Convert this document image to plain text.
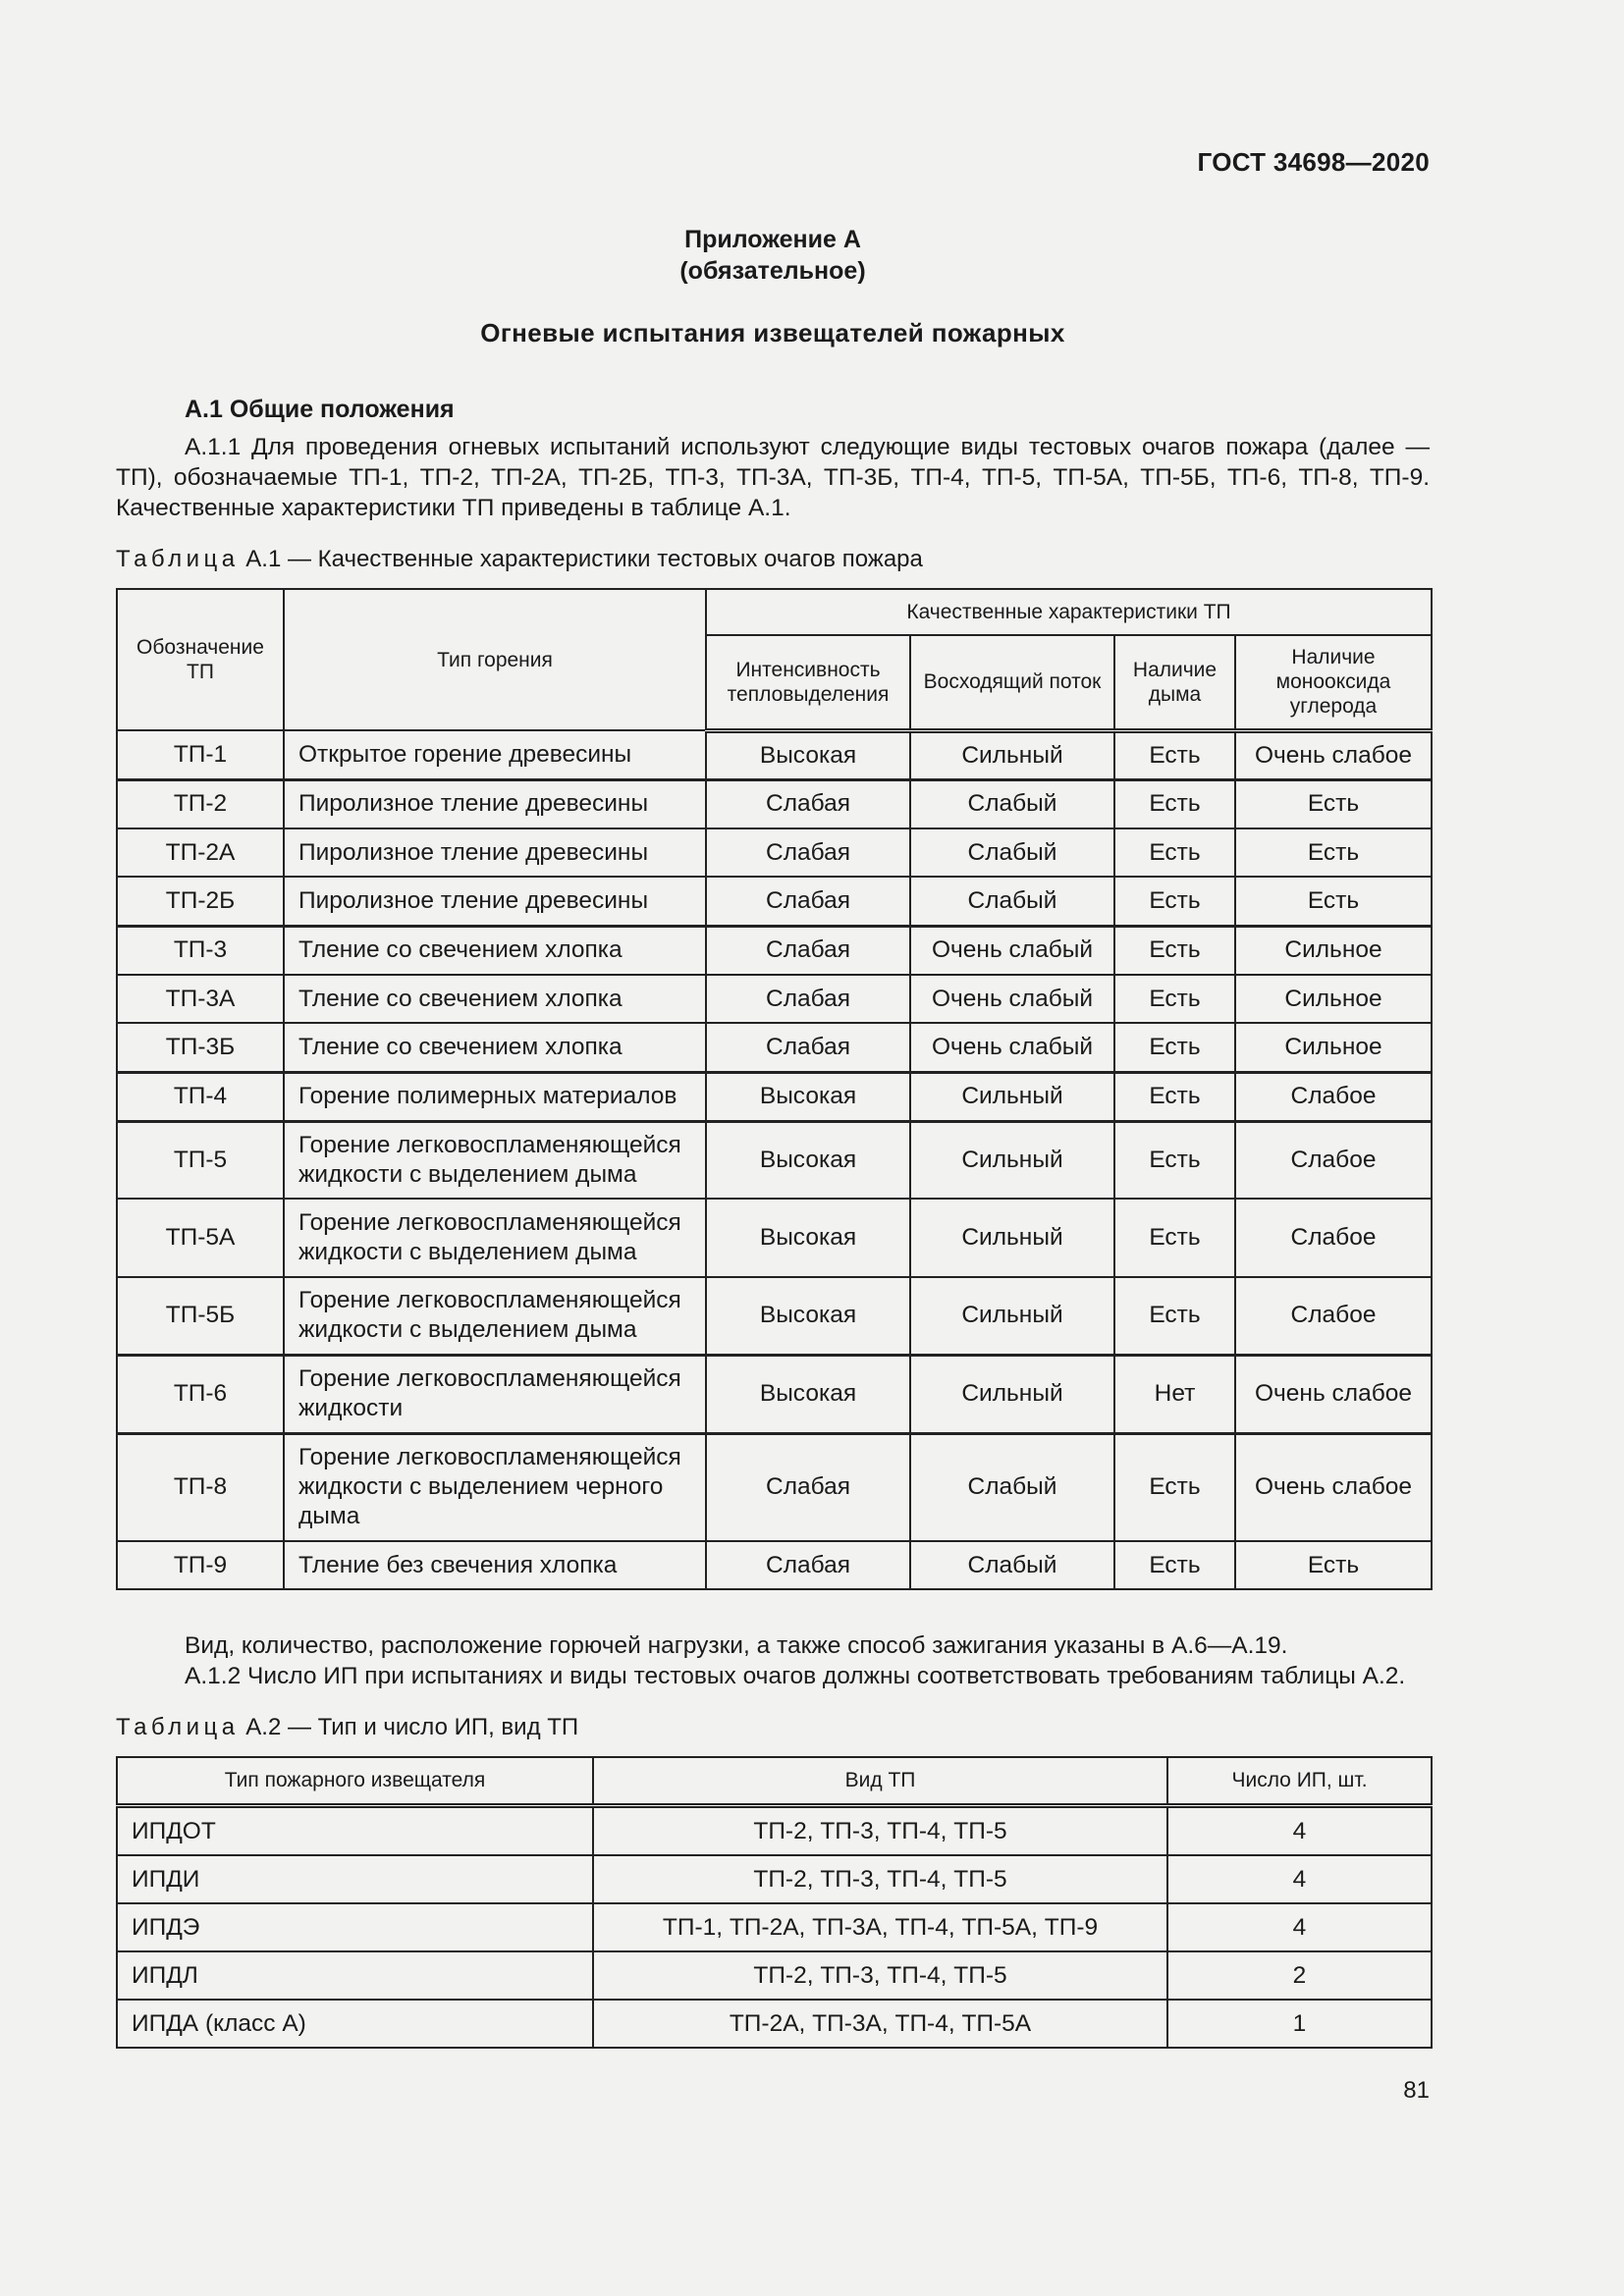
ГОСТ 34698—2020
Приложение А
(обязательное)
Огневые испытания извещателей пожарных
А.1 Общие положения
А.1.1 Для проведения огневых испытаний используют следующие виды тестовых очагов пожара (далее — ТП), обозначаемые ТП-1, ТП-2, ТП-2А, ТП-2Б, ТП-3, ТП-3А, ТП-3Б, ТП-4, ТП-5, ТП-5А, ТП-5Б, ТП-6, ТП-8, ТП-9. Качественные характеристики ТП приведены в таблице А.1.
Таблица А.1 — Качественные характеристики тестовых очагов пожара
Обозначение ТП	Тип горения	Качественные характеристики ТП			
		Интенсивность тепловыделения	Восходящий поток	Наличие дыма	Наличие монооксида углерода
ТП-1	Открытое горение древесины	Высокая	Сильный	Есть	Очень слабое
ТП-2	Пиролизное тление древесины	Слабая	Слабый	Есть	Есть
ТП-2А	Пиролизное тление древесины	Слабая	Слабый	Есть	Есть
ТП-2Б	Пиролизное тление древесины	Слабая	Слабый	Есть	Есть
ТП-3	Тление со свечением хлопка	Слабая	Очень слабый	Есть	Сильное
ТП-3А	Тление со свечением хлопка	Слабая	Очень слабый	Есть	Сильное
ТП-3Б	Тление со свечением хлопка	Слабая	Очень слабый	Есть	Сильное
ТП-4	Горение полимерных материалов	Высокая	Сильный	Есть	Слабое
ТП-5	Горение легковоспламеняющейся жидкости с выделением дыма	Высокая	Сильный	Есть	Слабое
ТП-5А	Горение легковоспламеняющейся жидкости с выделением дыма	Высокая	Сильный	Есть	Слабое
ТП-5Б	Горение легковоспламеняющейся жидкости с выделением дыма	Высокая	Сильный	Есть	Слабое
ТП-6	Горение легковоспламеняющейся жидкости	Высокая	Сильный	Нет	Очень слабое
ТП-8	Горение легковоспламеняющейся жидкости с выделением черного дыма	Слабая	Слабый	Есть	Очень слабое
ТП-9	Тление без свечения хлопка	Слабая	Слабый	Есть	Есть
Вид, количество, расположение горючей нагрузки, а также способ зажигания указаны в А.6—А.19.
А.1.2 Число ИП при испытаниях и виды тестовых очагов должны соответствовать требованиям таблицы А.2.
Таблица А.2 — Тип и число ИП, вид ТП
Тип пожарного извещателя	Вид ТП	Число ИП, шт.
ИПДОТ	ТП-2, ТП-3, ТП-4, ТП-5	4
ИПДИ	ТП-2, ТП-3, ТП-4, ТП-5	4
ИПДЭ	ТП-1, ТП-2А, ТП-3А, ТП-4, ТП-5А, ТП-9	4
ИПДЛ	ТП-2, ТП-3, ТП-4, ТП-5	2
ИПДА (класс А)	ТП-2А, ТП-3А, ТП-4, ТП-5А	1
81
